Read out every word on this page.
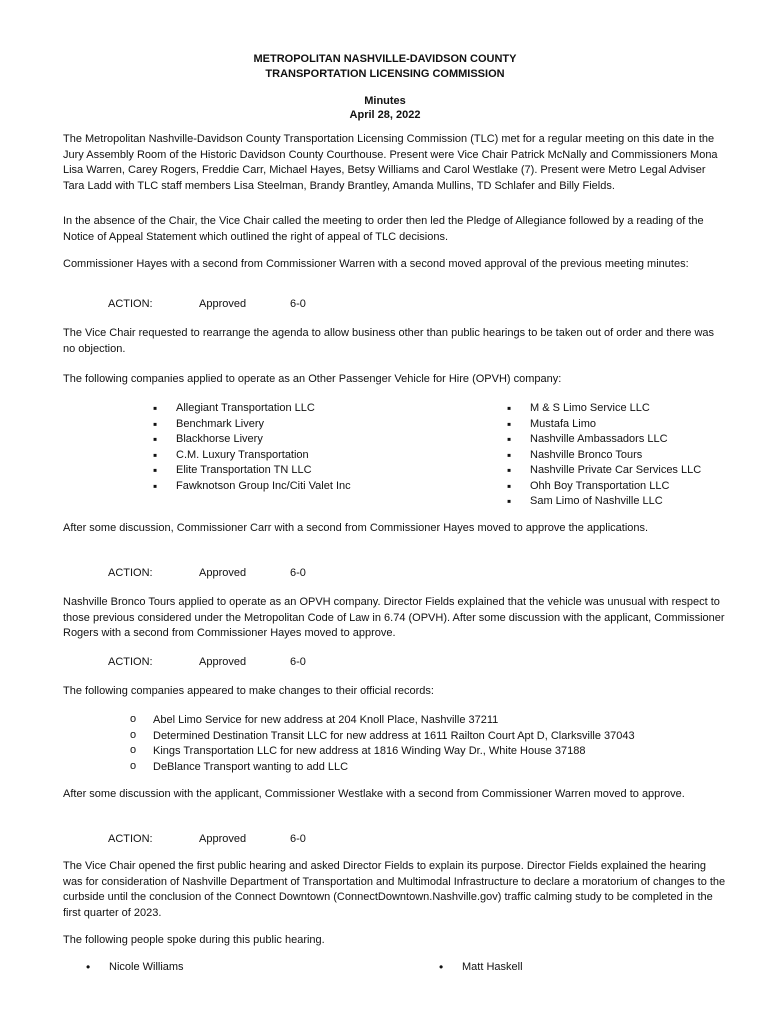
METROPOLITAN NASHVILLE-DAVIDSON COUNTY
TRANSPORTATION LICENSING COMMISSION
Minutes
April 28, 2022
The Metropolitan Nashville-Davidson County Transportation Licensing Commission (TLC) met for a regular meeting on this date in the Jury Assembly Room of the Historic Davidson County Courthouse. Present were Vice Chair Patrick McNally and Commissioners Mona Lisa Warren, Carey Rogers, Freddie Carr, Michael Hayes, Betsy Williams and Carol Westlake (7). Present were Metro Legal Adviser Tara Ladd with TLC staff members Lisa Steelman, Brandy Brantley, Amanda Mullins, TD Schlafer and Billy Fields.
In the absence of the Chair, the Vice Chair called the meeting to order then led the Pledge of Allegiance followed by a reading of the Notice of Appeal Statement which outlined the right of appeal of TLC decisions.
Commissioner Hayes with a second from Commissioner Warren with a second moved approval of the previous meeting minutes:
ACTION:	Approved	6-0
The Vice Chair requested to rearrange the agenda to allow business other than public hearings to be taken out of order and there was no objection.
The following companies applied to operate as an Other Passenger Vehicle for Hire (OPVH) company:
▪ Allegiant Transportation LLC
▪ Benchmark Livery
▪ Blackhorse Livery
▪ C.M. Luxury Transportation
▪ Elite Transportation TN LLC
▪ Fawknotson Group Inc/Citi Valet Inc
▪ M & S Limo Service LLC
▪ Mustafa Limo
▪ Nashville Ambassadors LLC
▪ Nashville Bronco Tours
▪ Nashville Private Car Services LLC
▪ Ohh Boy Transportation LLC
▪ Sam Limo of Nashville LLC
After some discussion, Commissioner Carr with a second from Commissioner Hayes moved to approve the applications.
ACTION:	Approved	6-0
Nashville Bronco Tours applied to operate as an OPVH company. Director Fields explained that the vehicle was unusual with respect to those previous considered under the Metropolitan Code of Law in 6.74 (OPVH). After some discussion with the applicant, Commissioner Rogers with a second from Commissioner Hayes moved to approve.
ACTION:	Approved	6-0
The following companies appeared to make changes to their official records:
o Abel Limo Service for new address at 204 Knoll Place, Nashville 37211
o Determined Destination Transit LLC for new address at 1611 Railton Court Apt D, Clarksville 37043
o Kings Transportation LLC for new address at 1816 Winding Way Dr., White House 37188
o DeBlance Transport wanting to add LLC
After some discussion with the applicant, Commissioner Westlake with a second from Commissioner Warren moved to approve.
ACTION:	Approved	6-0
The Vice Chair opened the first public hearing and asked Director Fields to explain its purpose. Director Fields explained the hearing was for consideration of Nashville Department of Transportation and Multimodal Infrastructure to declare a moratorium of changes to the curbside until the conclusion of the Connect Downtown (ConnectDowntown.Nashville.gov) traffic calming study to be completed in the first quarter of 2023.
The following people spoke during this public hearing.
• Nicole Williams
•	Matt Haskell
